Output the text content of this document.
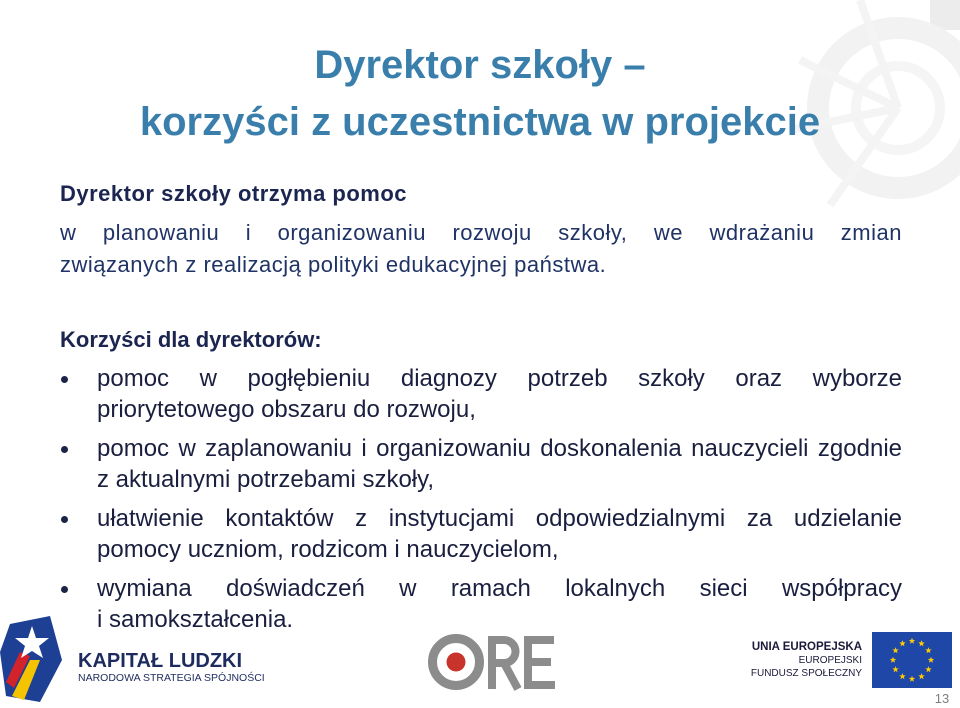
Dyrektor szkoły –
korzyści z uczestnictwa w projekcie
Dyrektor szkoły otrzyma pomoc
w planowaniu i organizowaniu rozwoju szkoły, we wdrażaniu zmian
związanych z realizacją polityki edukacyjnej państwa.
Korzyści dla dyrektorów:
pomoc w pogłębieniu diagnozy potrzeb szkoły oraz wyborze
priorytetowego obszaru do rozwoju,
pomoc w zaplanowaniu i organizowaniu doskonalenia nauczycieli zgodnie
z aktualnymi potrzebami szkoły,
ułatwienie kontaktów z instytucjami odpowiedzialnymi za udzielanie
pomocy uczniom, rodzicom i nauczycielom,
wymiana doświadczeń w ramach lokalnych sieci współpracy
i samokształcenia.
KAPITAŁ LUDZKI
NARODOWA STRATEGIA SPÓJNOŚCI
UNIA EUROPEJSKA
EUROPEJSKI
FUNDUSZ SPOŁECZNY
13
